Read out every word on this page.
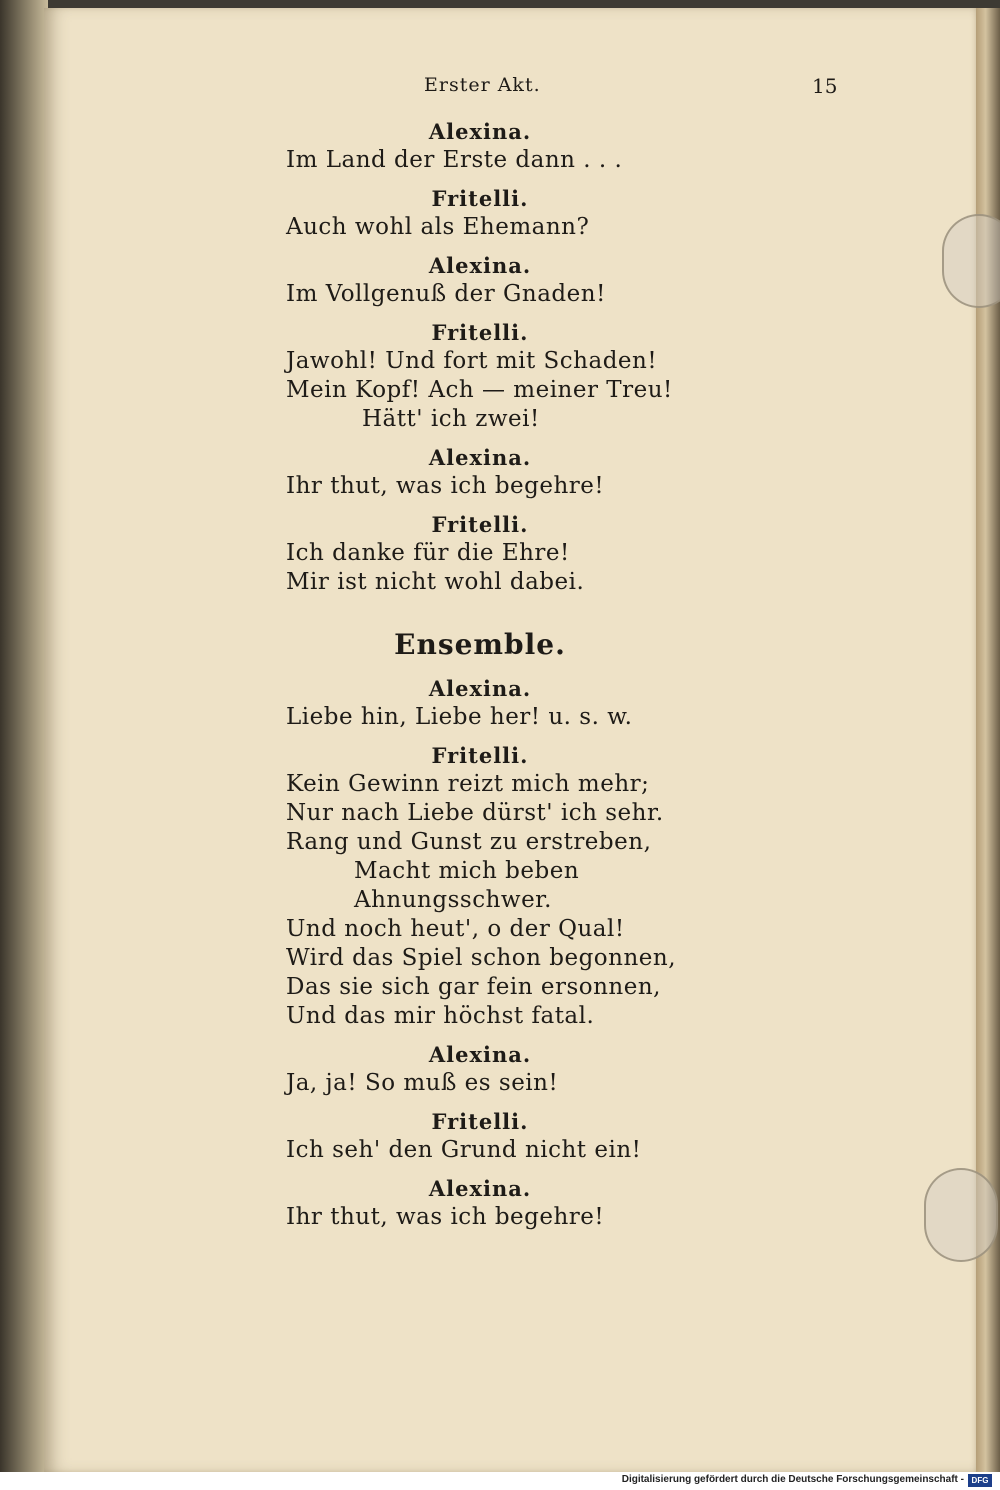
Erster Akt.	15
Alexina.
Im Land der Erste dann . . .
Fritelli.
Auch wohl als Ehemann?
Alexina.
Im Vollgenuß der Gnaden!
Fritelli.
Jawohl! Und fort mit Schaden!
Mein Kopf! Ach — meiner Treu!
Hätt' ich zwei!
Alexina.
Ihr thut, was ich begehre!
Fritelli.
Ich danke für die Ehre!
Mir ist nicht wohl dabei.
Ensemble.
Alexina.
Liebe hin, Liebe her! u. s. w.
Fritelli.
Kein Gewinn reizt mich mehr;
Nur nach Liebe dürst' ich sehr.
Rang und Gunst zu erstreben,
Macht mich beben
Ahnungsschwer.
Und noch heut', o der Qual!
Wird das Spiel schon begonnen,
Das sie sich gar fein ersonnen,
Und das mir höchst fatal.
Alexina.
Ja, ja! So muß es sein!
Fritelli.
Ich seh' den Grund nicht ein!
Alexina.
Ihr thut, was ich begehre!
Digitalisierung gefördert durch die Deutsche Forschungsgemeinschaft - DFG
